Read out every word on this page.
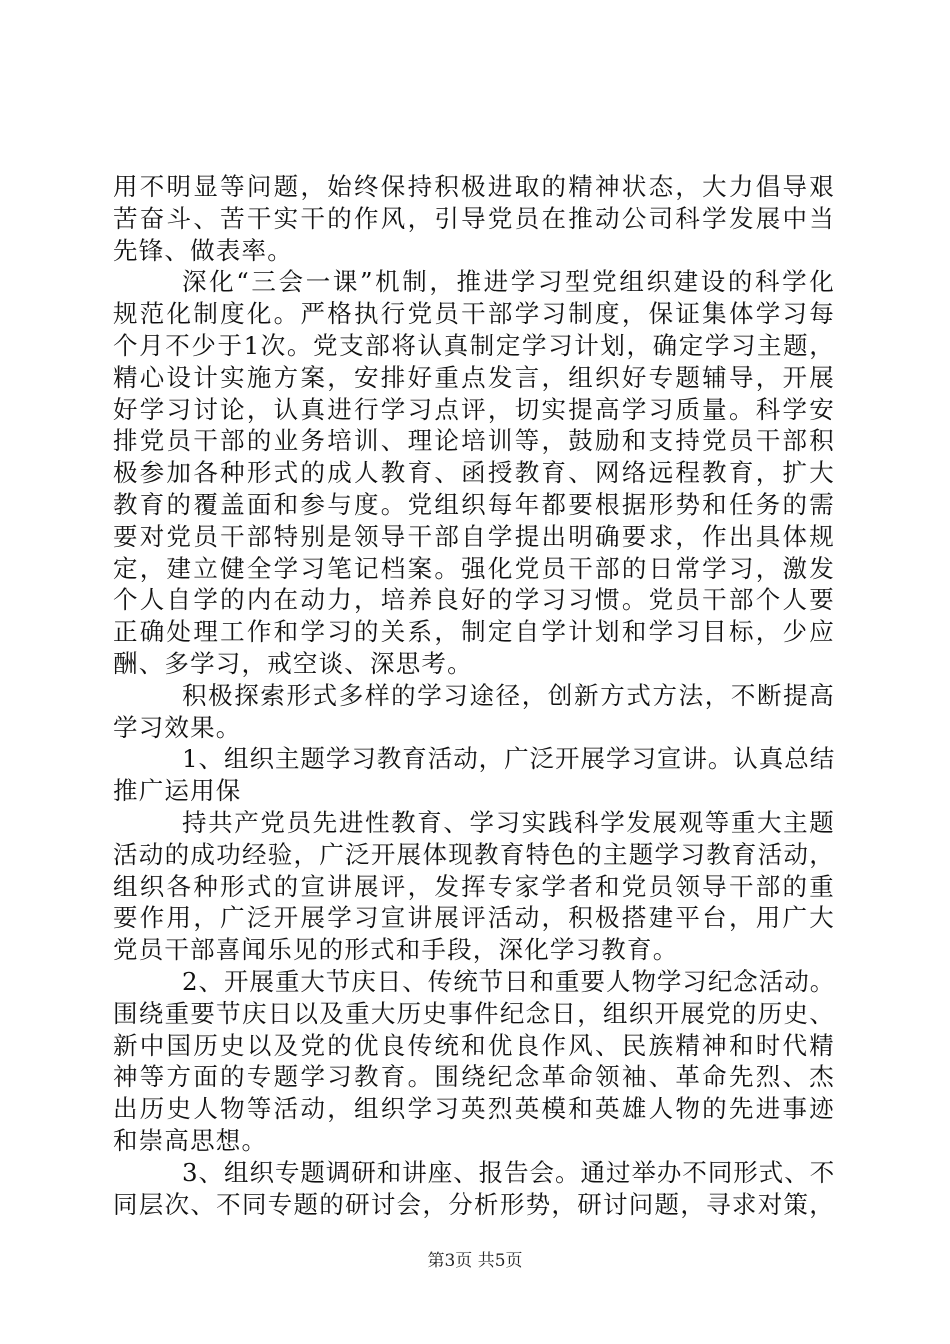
用不明显等问题，始终保持积极进取的精神状态，大力倡导艰
苦奋斗、苦干实干的作风，引导党员在推动公司科学发展中当
先锋、做表率。
深化“三会一课”机制，推进学习型党组织建设的科学化
规范化制度化。严格执行党员干部学习制度，保证集体学习每
个月不少于1次。党支部将认真制定学习计划，确定学习主题，
精心设计实施方案，安排好重点发言，组织好专题辅导，开展
好学习讨论，认真进行学习点评，切实提高学习质量。科学安
排党员干部的业务培训、理论培训等，鼓励和支持党员干部积
极参加各种形式的成人教育、函授教育、网络远程教育，扩大
教育的覆盖面和参与度。党组织每年都要根据形势和任务的需
要对党员干部特别是领导干部自学提出明确要求，作出具体规
定，建立健全学习笔记档案。强化党员干部的日常学习，激发
个人自学的内在动力，培养良好的学习习惯。党员干部个人要
正确处理工作和学习的关系，制定自学计划和学习目标，少应
酬、多学习，戒空谈、深思考。
积极探索形式多样的学习途径，创新方式方法，不断提高
学习效果。
1、组织主题学习教育活动，广泛开展学习宣讲。认真总结
推广运用保
持共产党员先进性教育、学习实践科学发展观等重大主题
活动的成功经验，广泛开展体现教育特色的主题学习教育活动，
组织各种形式的宣讲展评，发挥专家学者和党员领导干部的重
要作用，广泛开展学习宣讲展评活动，积极搭建平台，用广大
党员干部喜闻乐见的形式和手段，深化学习教育。
2、开展重大节庆日、传统节日和重要人物学习纪念活动。
围绕重要节庆日以及重大历史事件纪念日，组织开展党的历史、
新中国历史以及党的优良传统和优良作风、民族精神和时代精
神等方面的专题学习教育。围绕纪念革命领袖、革命先烈、杰
出历史人物等活动，组织学习英烈英模和英雄人物的先进事迹
和崇高思想。
3、组织专题调研和讲座、报告会。通过举办不同形式、不
同层次、不同专题的研讨会，分析形势，研讨问题，寻求对策，
第3页 共5页
